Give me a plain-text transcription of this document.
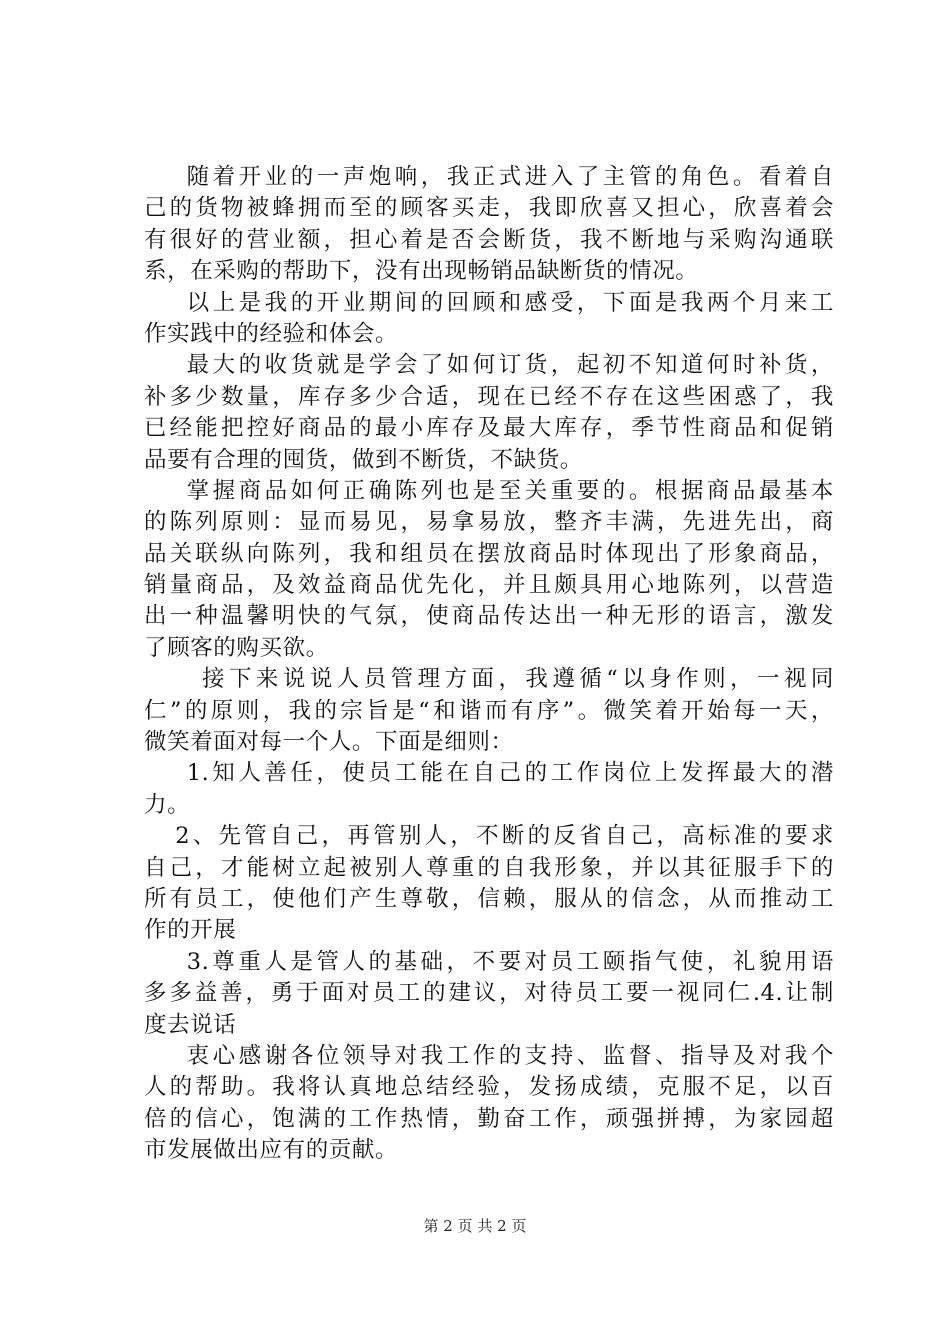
随着开业的一声炮响，我正式进入了主管的角色。看着自
己的货物被蜂拥而至的顾客买走，我即欣喜又担心，欣喜着会
有很好的营业额，担心着是否会断货，我不断地与采购沟通联
系，在采购的帮助下，没有出现畅销品缺断货的情况。
以上是我的开业期间的回顾和感受，下面是我两个月来工
作实践中的经验和体会。
最大的收货就是学会了如何订货，起初不知道何时补货，
补多少数量，库存多少合适，现在已经不存在这些困惑了，我
已经能把控好商品的最小库存及最大库存，季节性商品和促销
品要有合理的囤货，做到不断货，不缺货。
掌握商品如何正确陈列也是至关重要的。根据商品最基本
的陈列原则：显而易见，易拿易放，整齐丰满，先进先出，商
品关联纵向陈列，我和组员在摆放商品时体现出了形象商品，
销量商品，及效益商品优先化，并且颇具用心地陈列，以营造
出一种温馨明快的气氛，使商品传达出一种无形的语言，激发
了顾客的购买欲。
接下来说说人员管理方面，我遵循“以身作则，一视同
仁”的原则，我的宗旨是“和谐而有序”。微笑着开始每一天，
微笑着面对每一个人。下面是细则：
1.知人善任，使员工能在自己的工作岗位上发挥最大的潜
力。
2、先管自己，再管别人，不断的反省自己，高标准的要求
自己，才能树立起被别人尊重的自我形象，并以其征服手下的
所有员工，使他们产生尊敬，信赖，服从的信念，从而推动工
作的开展
3.尊重人是管人的基础，不要对员工颐指气使，礼貌用语
多多益善，勇于面对员工的建议，对待员工要一视同仁.4.让制
度去说话
衷心感谢各位领导对我工作的支持、监督、指导及对我个
人的帮助。我将认真地总结经验，发扬成绩，克服不足，以百
倍的信心，饱满的工作热情，勤奋工作，顽强拼搏，为家园超
市发展做出应有的贡献。
第 2 页 共 2 页
